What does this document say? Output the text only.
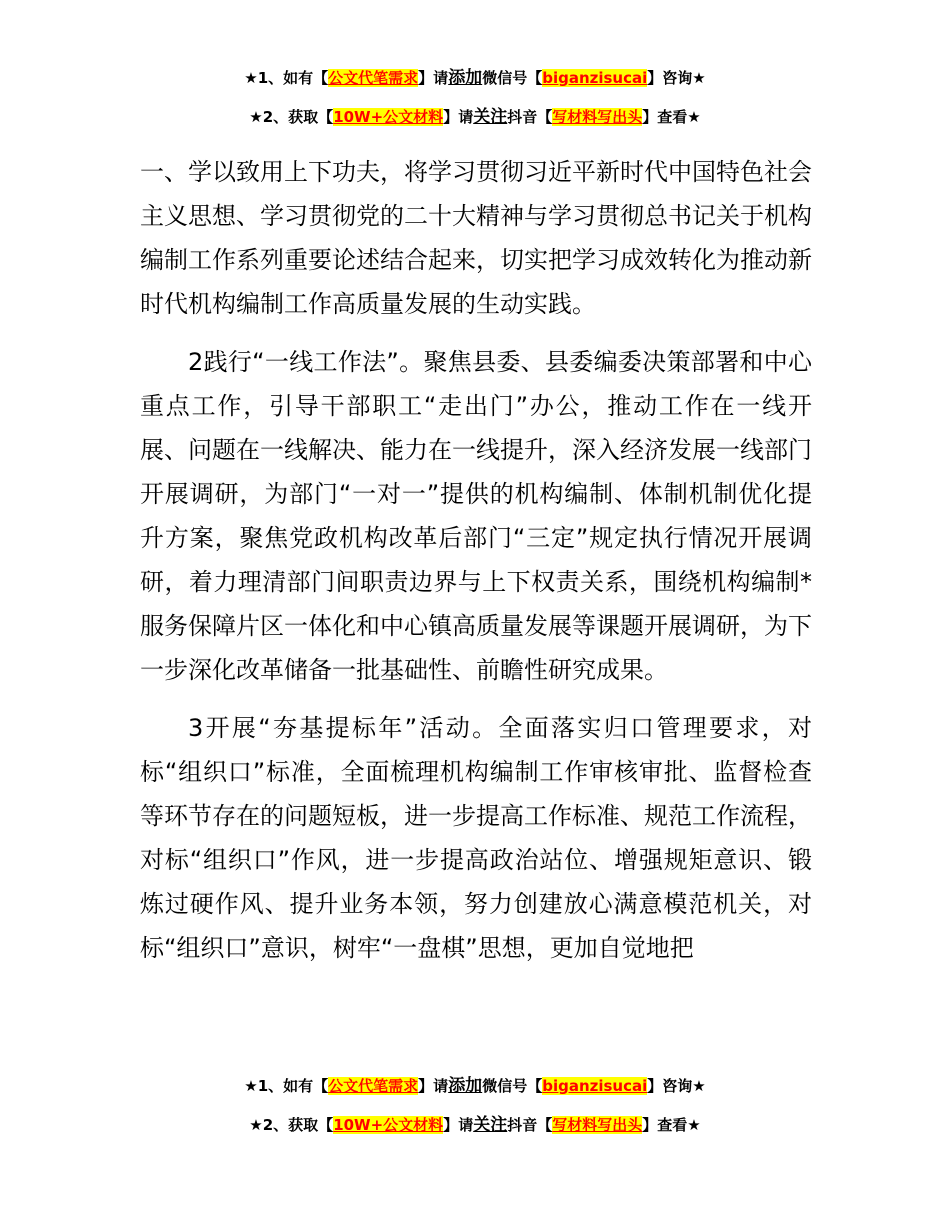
★1、如有【公文代笔需求】请添加微信号【biganzisucai】咨询★
★2、获取【10W+公文材料】请关注抖音【写材料写出头】查看★

一、学以致用上下功夫，将学习贯彻习近平新时代中国特色社会主义思想、学习贯彻党的二十大精神与学习贯彻总书记关于机构编制工作系列重要论述结合起来，切实把学习成效转化为推动新时代机构编制工作高质量发展的生动实践。

2践行“一线工作法”。聚焦县委、县委编委决策部署和中心重点工作，引导干部职工“走出门”办公，推动工作在一线开展、问题在一线解决、能力在一线提升，深入经济发展一线部门开展调研，为部门“一对一”提供的机构编制、体制机制优化提升方案，聚焦党政机构改革后部门“三定”规定执行情况开展调研，着力理清部门间职责边界与上下权责关系，围绕机构编制*服务保障片区一体化和中心镇高质量发展等课题开展调研，为下一步深化改革储备一批基础性、前瞻性研究成果。

3开展“夯基提标年”活动。全面落实归口管理要求，对标“组织口”标准，全面梳理机构编制工作审核审批、监督检查等环节存在的问题短板，进一步提高工作标准、规范工作流程，对标“组织口”作风，进一步提高政治站位、增强规矩意识、锻炼过硬作风、提升业务本领，努力创建放心满意模范机关，对标“组织口”意识，树牢“一盘棋”思想，更加自觉地把

★1、如有【公文代笔需求】请添加微信号【biganzisucai】咨询★
★2、获取【10W+公文材料】请关注抖音【写材料写出头】查看★
